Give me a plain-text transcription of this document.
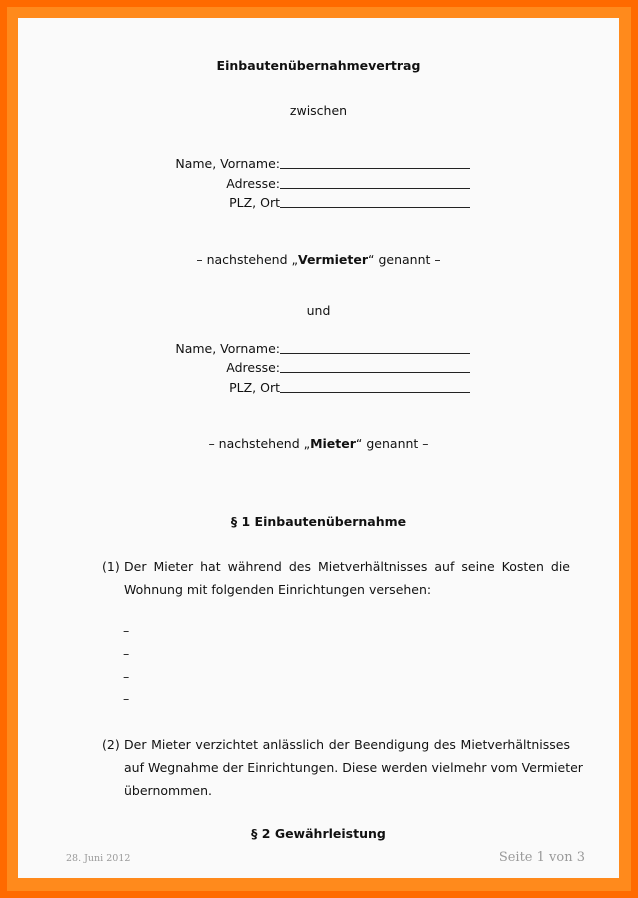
Einbautenübernahmevertrag
zwischen
Name, Vorname:
Adresse:
PLZ, Ort
– nachstehend „Vermieter“ genannt –
und
Name, Vorname:
Adresse:
PLZ, Ort
– nachstehend „Mieter“ genannt –
§ 1 Einbautenübernahme
(1) Der Mieter hat während des Mietverhältnisses auf seine Kosten die
Wohnung mit folgenden Einrichtungen versehen:
–
–
–
–
(2) Der Mieter verzichtet anlässlich der Beendigung des Mietverhältnisses
auf Wegnahme der Einrichtungen. Diese werden vielmehr vom Vermieter
übernommen.
§ 2 Gewährleistung
28. Juni 2012	Seite 1 von 3
